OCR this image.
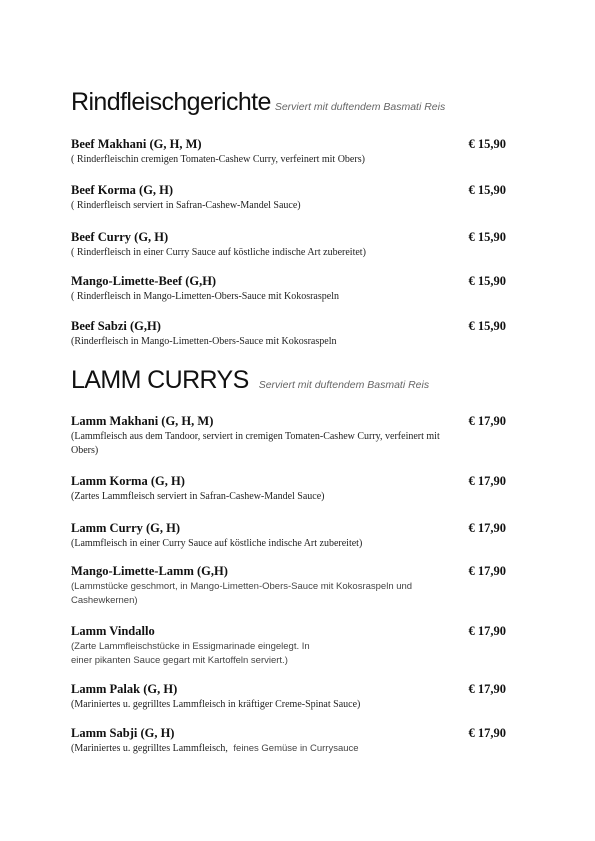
Rindfleischgerichte Serviert mit duftendem Basmati Reis
Beef Makhani (G, H, M)	€ 15,90
( Rinderfleischin cremigen Tomaten-Cashew Curry, verfeinert mit Obers)
Beef Korma (G, H)	€ 15,90
( Rinderfleisch serviert in Safran-Cashew-Mandel Sauce)
Beef Curry (G, H)	€ 15,90
( Rinderfleisch in einer Curry Sauce auf köstliche indische Art zubereitet)
Mango-Limette-Beef (G,H)	€ 15,90
( Rinderfleisch in Mango-Limetten-Obers-Sauce mit Kokosraspeln
Beef Sabzi (G,H)	€ 15,90
(Rinderfleisch in Mango-Limetten-Obers-Sauce mit Kokosraspeln
LAMM CURRYS Serviert mit duftendem Basmati Reis
Lamm Makhani (G, H, M)	€ 17,90
(Lammfleisch aus dem Tandoor, serviert in cremigen Tomaten-Cashew Curry, verfeinert mit Obers)
Lamm Korma (G, H)	€ 17,90
(Zartes Lammfleisch serviert in Safran-Cashew-Mandel Sauce)
Lamm Curry (G, H)	€ 17,90
(Lammfleisch in einer Curry Sauce auf köstliche indische Art zubereitet)
Mango-Limette-Lamm (G,H)	€ 17,90
(Lammstücke geschmort, in Mango-Limetten-Obers-Sauce mit Kokosraspeln und Cashewkernen)
Lamm Vindallo	€ 17,90
(Zarte Lammfleischstücke in Essigmarinade eingelegt. In
einer pikanten Sauce gegart mit Kartoffeln serviert.)
Lamm Palak (G, H)	€ 17,90
(Mariniertes u. gegrilltes Lammfleisch in kräftiger Creme-Spinat Sauce)
Lamm Sabji (G, H)	€ 17,90
(Mariniertes u. gegrilltes Lammfleisch, feines Gemüse in Currysauce
